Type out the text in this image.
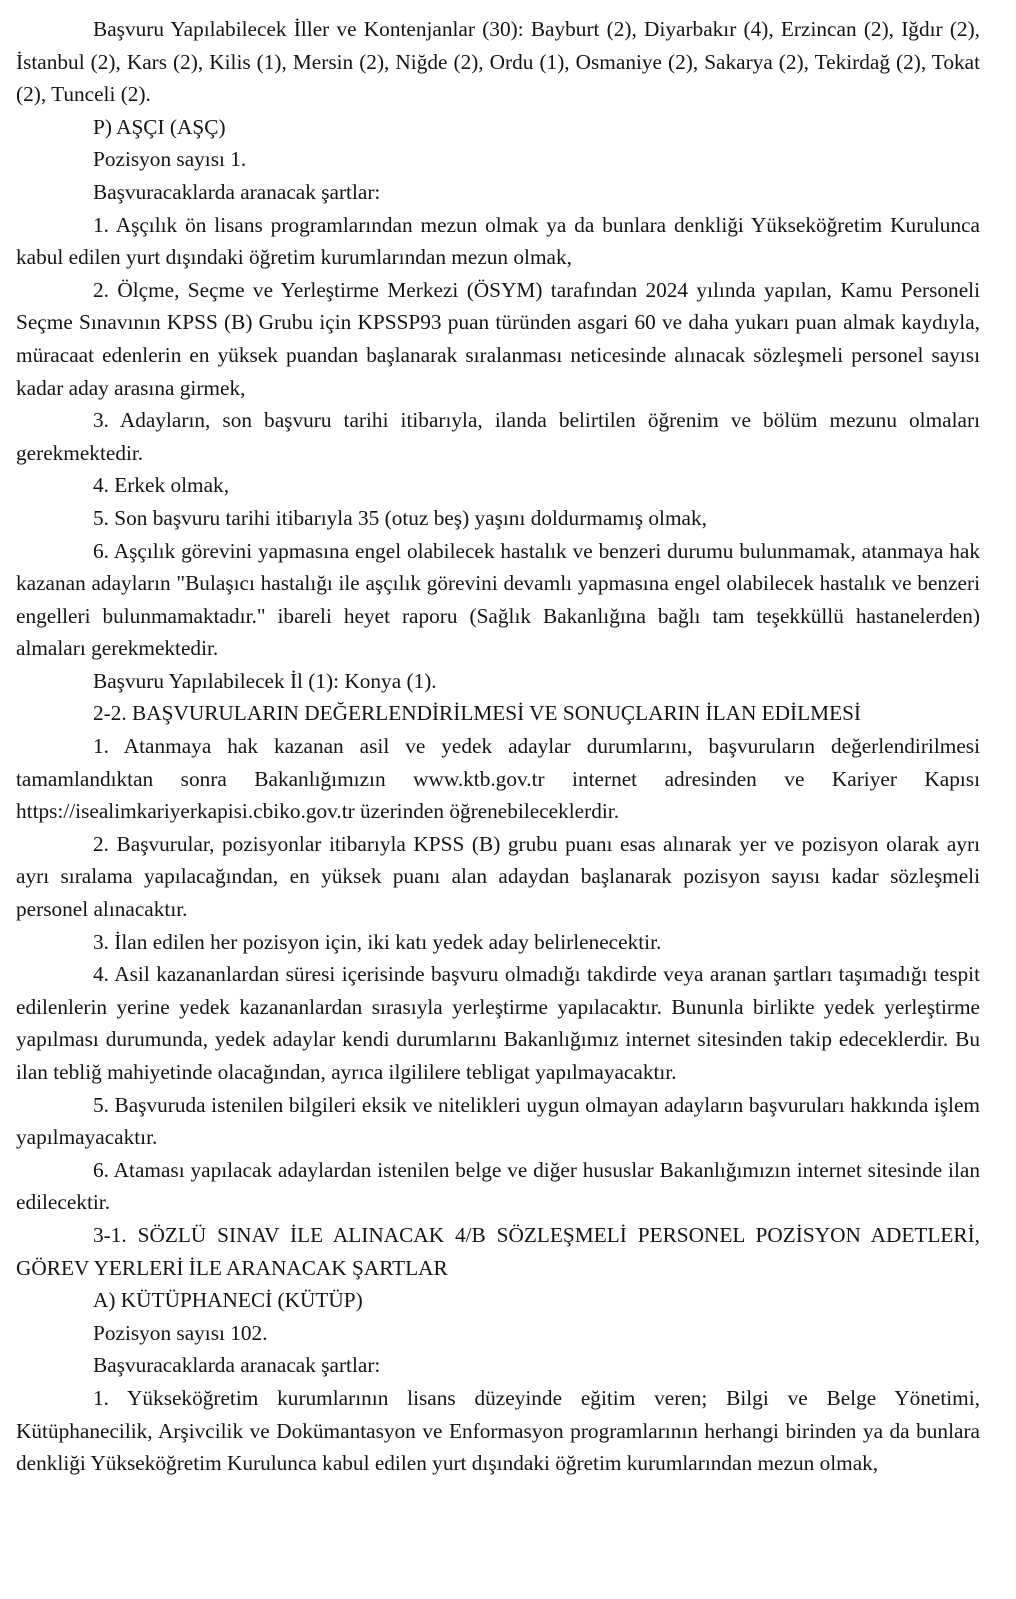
Başvuru Yapılabilecek İller ve Kontenjanlar (30): Bayburt (2), Diyarbakır (4), Erzincan (2), Iğdır (2), İstanbul (2), Kars (2), Kilis (1), Mersin (2), Niğde (2), Ordu (1), Osmaniye (2), Sakarya (2), Tekirdağ (2), Tokat (2), Tunceli (2).

P) AŞÇI (AŞÇ)

Pozisyon sayısı 1.

Başvuracaklarda aranacak şartlar:

1. Aşçılık ön lisans programlarından mezun olmak ya da bunlara denkliği Yükseköğretim Kurulunca kabul edilen yurt dışındaki öğretim kurumlarından mezun olmak,

2. Ölçme, Seçme ve Yerleştirme Merkezi (ÖSYM) tarafından 2024 yılında yapılan, Kamu Personeli Seçme Sınavının KPSS (B) Grubu için KPSSP93 puan türünden asgari 60 ve daha yukarı puan almak kaydıyla, müracaat edenlerin en yüksek puandan başlanarak sıralanması neticesinde alınacak sözleşmeli personel sayısı kadar aday arasına girmek,

3. Adayların, son başvuru tarihi itibarıyla, ilanda belirtilen öğrenim ve bölüm mezunu olmaları gerekmektedir.

4. Erkek olmak,

5. Son başvuru tarihi itibarıyla 35 (otuz beş) yaşını doldurmamış olmak,

6. Aşçılık görevini yapmasına engel olabilecek hastalık ve benzeri durumu bulunmamak, atanmaya hak kazanan adayların "Bulaşıcı hastalığı ile aşçılık görevini devamlı yapmasına engel olabilecek hastalık ve benzeri engelleri bulunmamaktadır." ibareli heyet raporu (Sağlık Bakanlığına bağlı tam teşekküllü hastanelerden) almaları gerekmektedir.

Başvuru Yapılabilecek İl (1): Konya (1).

2-2. BAŞVURULARIN DEĞERLENDİRİLMESİ VE SONUÇLARIN İLAN EDİLMESİ

1. Atanmaya hak kazanan asil ve yedek adaylar durumlarını, başvuruların değerlendirilmesi tamamlandıktan sonra Bakanlığımızın www.ktb.gov.tr internet adresinden ve Kariyer Kapısı https://isealimkariyerkapisi.cbiko.gov.tr üzerinden öğrenebileceklerdir.

2. Başvurular, pozisyonlar itibarıyla KPSS (B) grubu puanı esas alınarak yer ve pozisyon olarak ayrı ayrı sıralama yapılacağından, en yüksek puanı alan adaydan başlanarak pozisyon sayısı kadar sözleşmeli personel alınacaktır.

3. İlan edilen her pozisyon için, iki katı yedek aday belirlenecektir.

4. Asil kazananlardan süresi içerisinde başvuru olmadığı takdirde veya aranan şartları taşımadığı tespit edilenlerin yerine yedek kazananlardan sırasıyla yerleştirme yapılacaktır. Bununla birlikte yedek yerleştirme yapılması durumunda, yedek adaylar kendi durumlarını Bakanlığımız internet sitesinden takip edeceklerdir. Bu ilan tebliğ mahiyetinde olacağından, ayrıca ilgililere tebligat yapılmayacaktır.

5. Başvuruda istenilen bilgileri eksik ve nitelikleri uygun olmayan adayların başvuruları hakkında işlem yapılmayacaktır.

6. Ataması yapılacak adaylardan istenilen belge ve diğer hususlar Bakanlığımızın internet sitesinde ilan edilecektir.

3-1. SÖZLÜ SINAV İLE ALINACAK 4/B SÖZLEŞMELİ PERSONEL POZİSYON ADETLERİ, GÖREV YERLERİ İLE ARANACAK ŞARTLAR

A) KÜTÜPHANECİ (KÜTÜP)

Pozisyon sayısı 102.

Başvuracaklarda aranacak şartlar:

1. Yükseköğretim kurumlarının lisans düzeyinde eğitim veren; Bilgi ve Belge Yönetimi, Kütüphanecilik, Arşivcilik ve Dokümantasyon ve Enformasyon programlarının herhangi birinden ya da bunlara denkliği Yükseköğretim Kurulunca kabul edilen yurt dışındaki öğretim kurumlarından mezun olmak,
